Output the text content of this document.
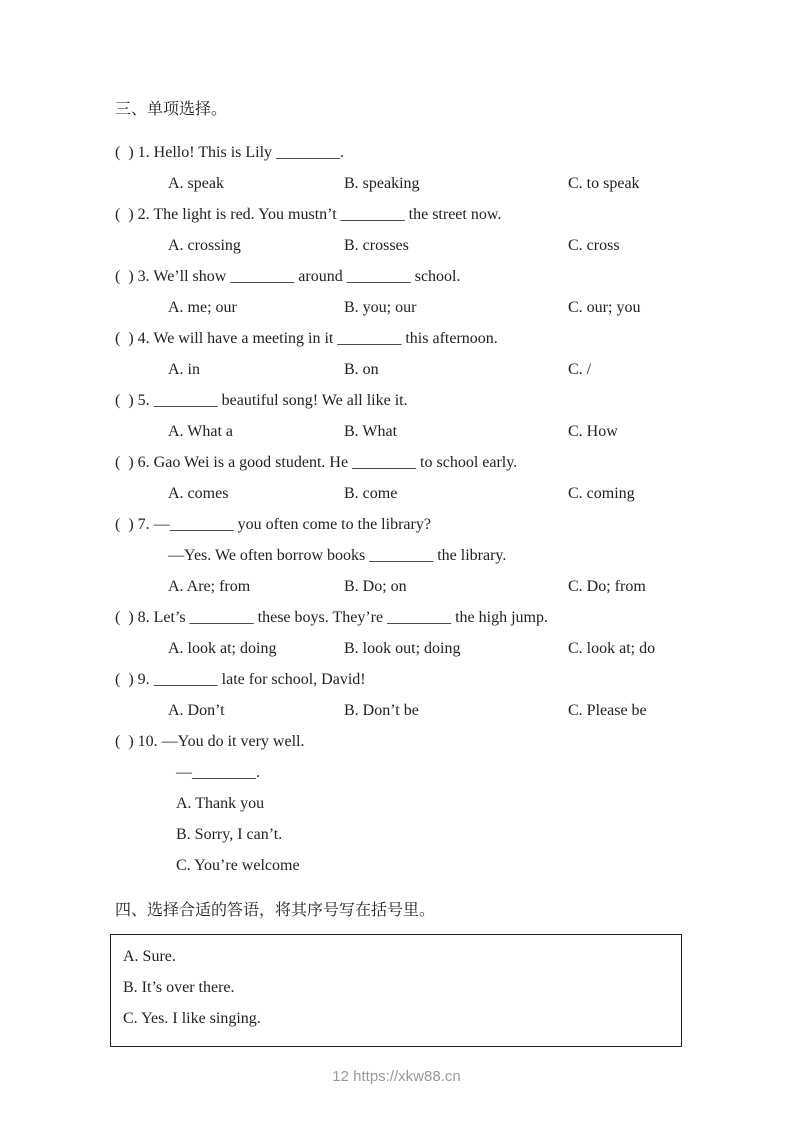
三、单项选择。
(  ) 1. Hello! This is Lily ________.
A. speak	B. speaking	C. to speak
(  ) 2. The light is red. You mustn’t ________ the street now.
A. crossing	B. crosses	C. cross
(  ) 3. We’ll show ________ around ________ school.
A. me; our	B. you; our	C. our; you
(  ) 4. We will have a meeting in it ________ this afternoon.
A. in	B. on	C. /
(  ) 5. ________ beautiful song! We all like it.
A. What a	B. What	C. How
(  ) 6. Gao Wei is a good student. He ________ to school early.
A. comes	B. come	C. coming
(  ) 7. —________ you often come to the library?
—Yes. We often borrow books ________ the library.
A. Are; from	B. Do; on	C. Do; from
(  ) 8. Let’s ________ these boys. They’re ________ the high jump.
A. look at; doing	B. look out; doing	C. look at; do
(  ) 9. ________ late for school, David!
A. Don’t	B. Don’t be	C. Please be
(  ) 10. —You do it very well.
—________.
A. Thank you
B. Sorry, I can’t.
C. You’re welcome
四、选择合适的答语，将其序号写在括号里。
A. Sure.
B. It’s over there.
C. Yes. I like singing.
12 https://xkw88.cn
